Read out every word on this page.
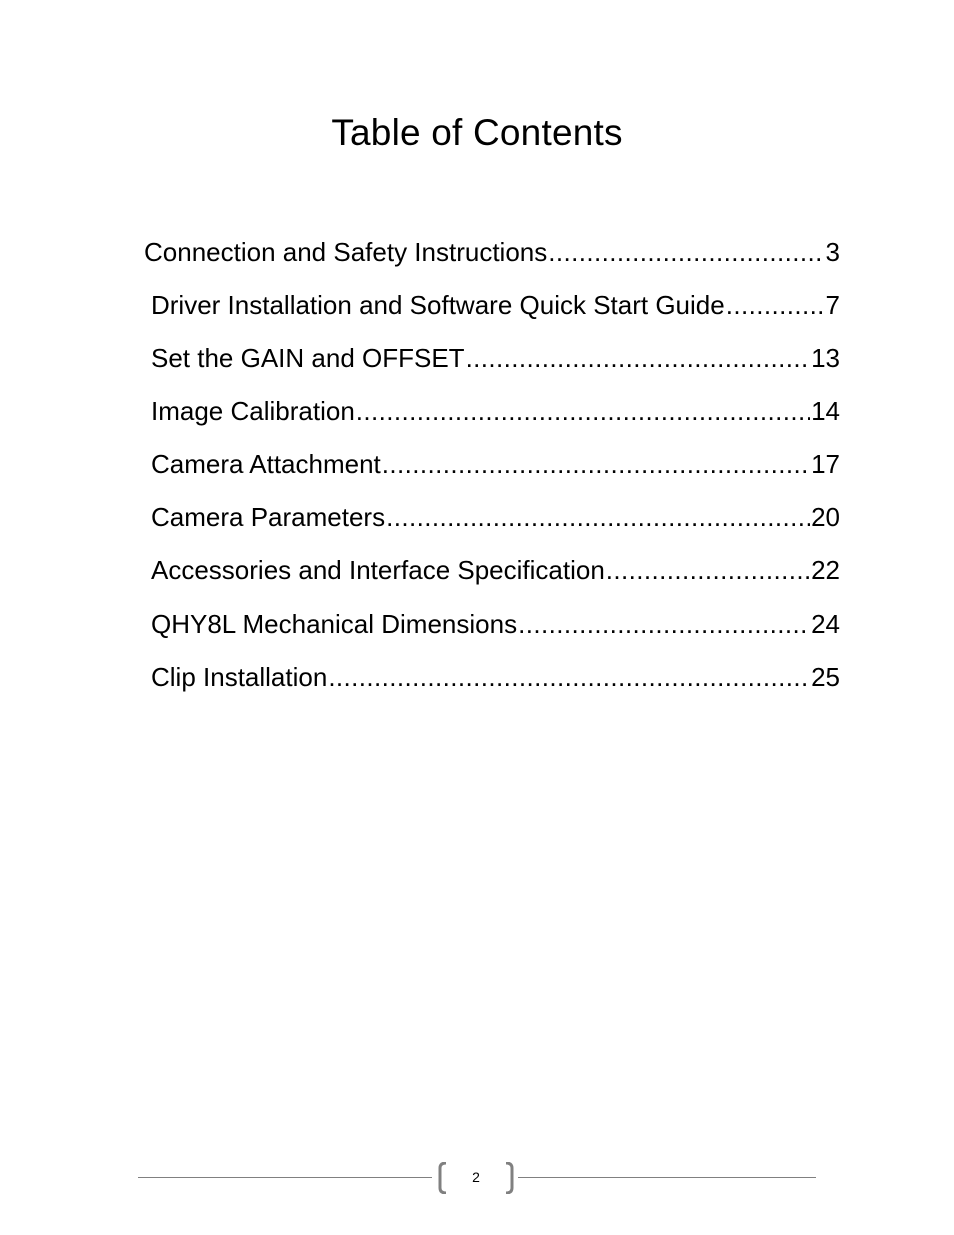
Table of Contents
Connection and Safety Instructions .....	3
Driver Installation and Software Quick Start Guide .....	7
Set the GAIN and OFFSET .....	13
Image Calibration .....	14
Camera Attachment .....	17
Camera Parameters .....	20
Accessories and Interface Specification .....	22
QHY8L Mechanical Dimensions .....	24
Clip Installation .....	25
2
